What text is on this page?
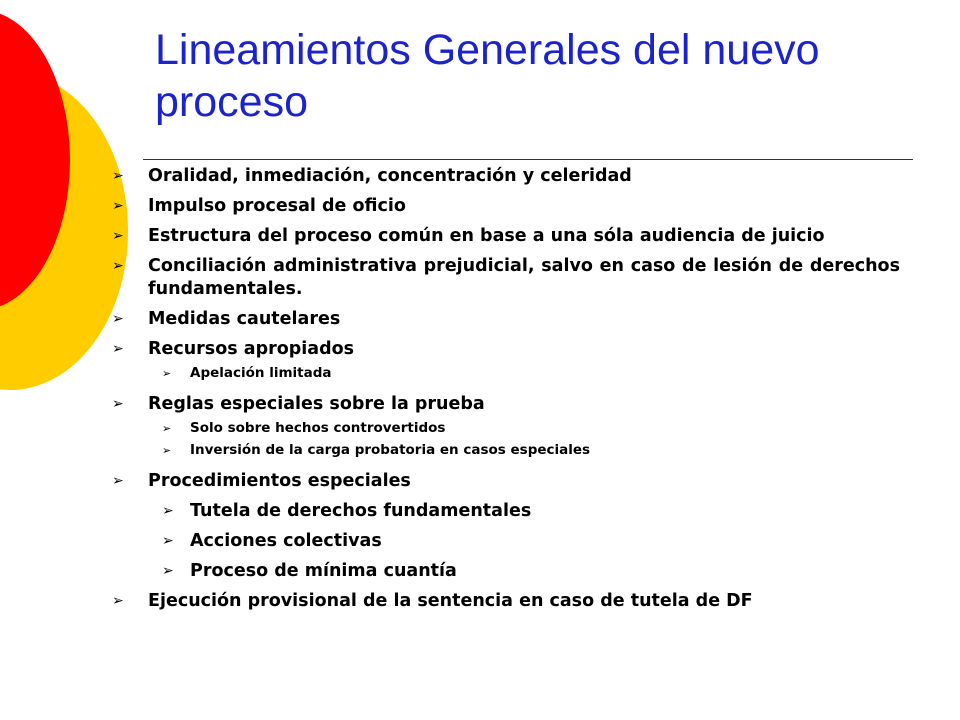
Lineamientos Generales del nuevo proceso
➢ Oralidad, inmediación, concentración y celeridad
➢ Impulso procesal de oficio
➢ Estructura del proceso común en base a una sóla audiencia de juicio
➢ Conciliación administrativa prejudicial, salvo en caso de lesión de derechos fundamentales.
➢ Medidas cautelares
➢ Recursos apropiados
➢ Apelación limitada
➢ Reglas especiales sobre la prueba
➢ Solo sobre hechos controvertidos
➢ Inversión de la carga probatoria en casos especiales
➢ Procedimientos especiales
➢ Tutela de derechos fundamentales
➢ Acciones colectivas
➢ Proceso de mínima cuantía
➢ Ejecución provisional de la sentencia en caso de tutela de DF
